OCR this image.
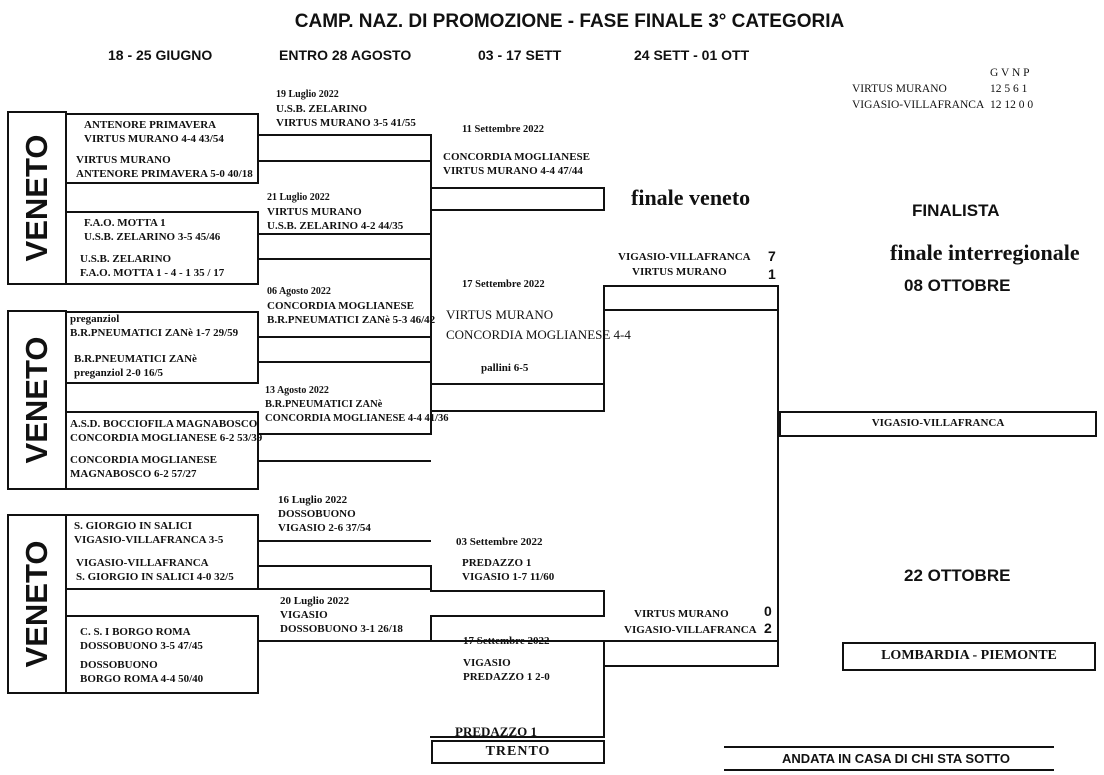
CAMP. NAZ. DI PROMOZIONE - FASE FINALE 3° CATEGORIA
18 - 25 GIUGNO	ENTRO 28 AGOSTO	03 - 17 SETT	24 SETT - 01 OTT
G V N P
VIRTUS MURANO	12 5 6 1
VIGASIO-VILLAFRANCA 12 12 0 0
VENETO
VENETO
VENETO
VIGASIO-VILLAFRANCA
LOMBARDIA - PIEMONTE
TRENTO
PREDAZZO 1
ANTENORE PRIMAVERA
VIRTUS MURANO 4-4 43/54
VIRTUS MURANO
ANTENORE PRIMAVERA 5-0 40/18
F.A.O. MOTTA 1
U.S.B. ZELARINO 3-5 45/46
U.S.B. ZELARINO
F.A.O. MOTTA 1 - 4 - 1 35 / 17
preganziol
B.R.PNEUMATICI ZANè 1-7 29/59
B.R.PNEUMATICI ZANè
preganziol 2-0 16/5
A.S.D. BOCCIOFILA MAGNABOSCO
CONCORDIA MOGLIANESE 6-2 53/39
CONCORDIA MOGLIANESE
MAGNABOSCO 6-2 57/27
S. GIORGIO IN SALICI
VIGASIO-VILLAFRANCA 3-5
VIGASIO-VILLAFRANCA
S. GIORGIO IN SALICI 4-0 32/5
C. S. I BORGO ROMA
DOSSOBUONO 3-5 47/45
DOSSOBUONO
BORGO ROMA 4-4 50/40
19 Luglio 2022
U.S.B. ZELARINO
VIRTUS MURANO 3-5 41/55
21 Luglio 2022
VIRTUS MURANO
U.S.B. ZELARINO 4-2 44/35
06 Agosto 2022
CONCORDIA MOGLIANESE
B.R.PNEUMATICI ZANè 5-3 46/42
13 Agosto 2022
B.R.PNEUMATICI ZANè
CONCORDIA MOGLIANESE 4-4 41/36
16 Luglio 2022
DOSSOBUONO
VIGASIO 2-6 37/54
20 Luglio 2022
VIGASIO
DOSSOBUONO 3-1 26/18
11 Settembre 2022
CONCORDIA MOGLIANESE
VIRTUS MURANO 4-4 47/44
17 Settembre 2022
VIRTUS MURANO
CONCORDIA MOGLIANESE 4-4
pallini 6-5
03 Settembre 2022
PREDAZZO 1
VIGASIO 1-7 11/60
17 Settembre 2022
VIGASIO
PREDAZZO 1 2-0
finale veneto
VIGASIO-VILLAFRANCA 7
VIRTUS MURANO	1
VIRTUS MURANO	0
VIGASIO-VILLAFRANCA 2
FINALISTA
finale interregionale
08 OTTOBRE
22 OTTOBRE
ANDATA IN CASA DI CHI STA SOTTO
